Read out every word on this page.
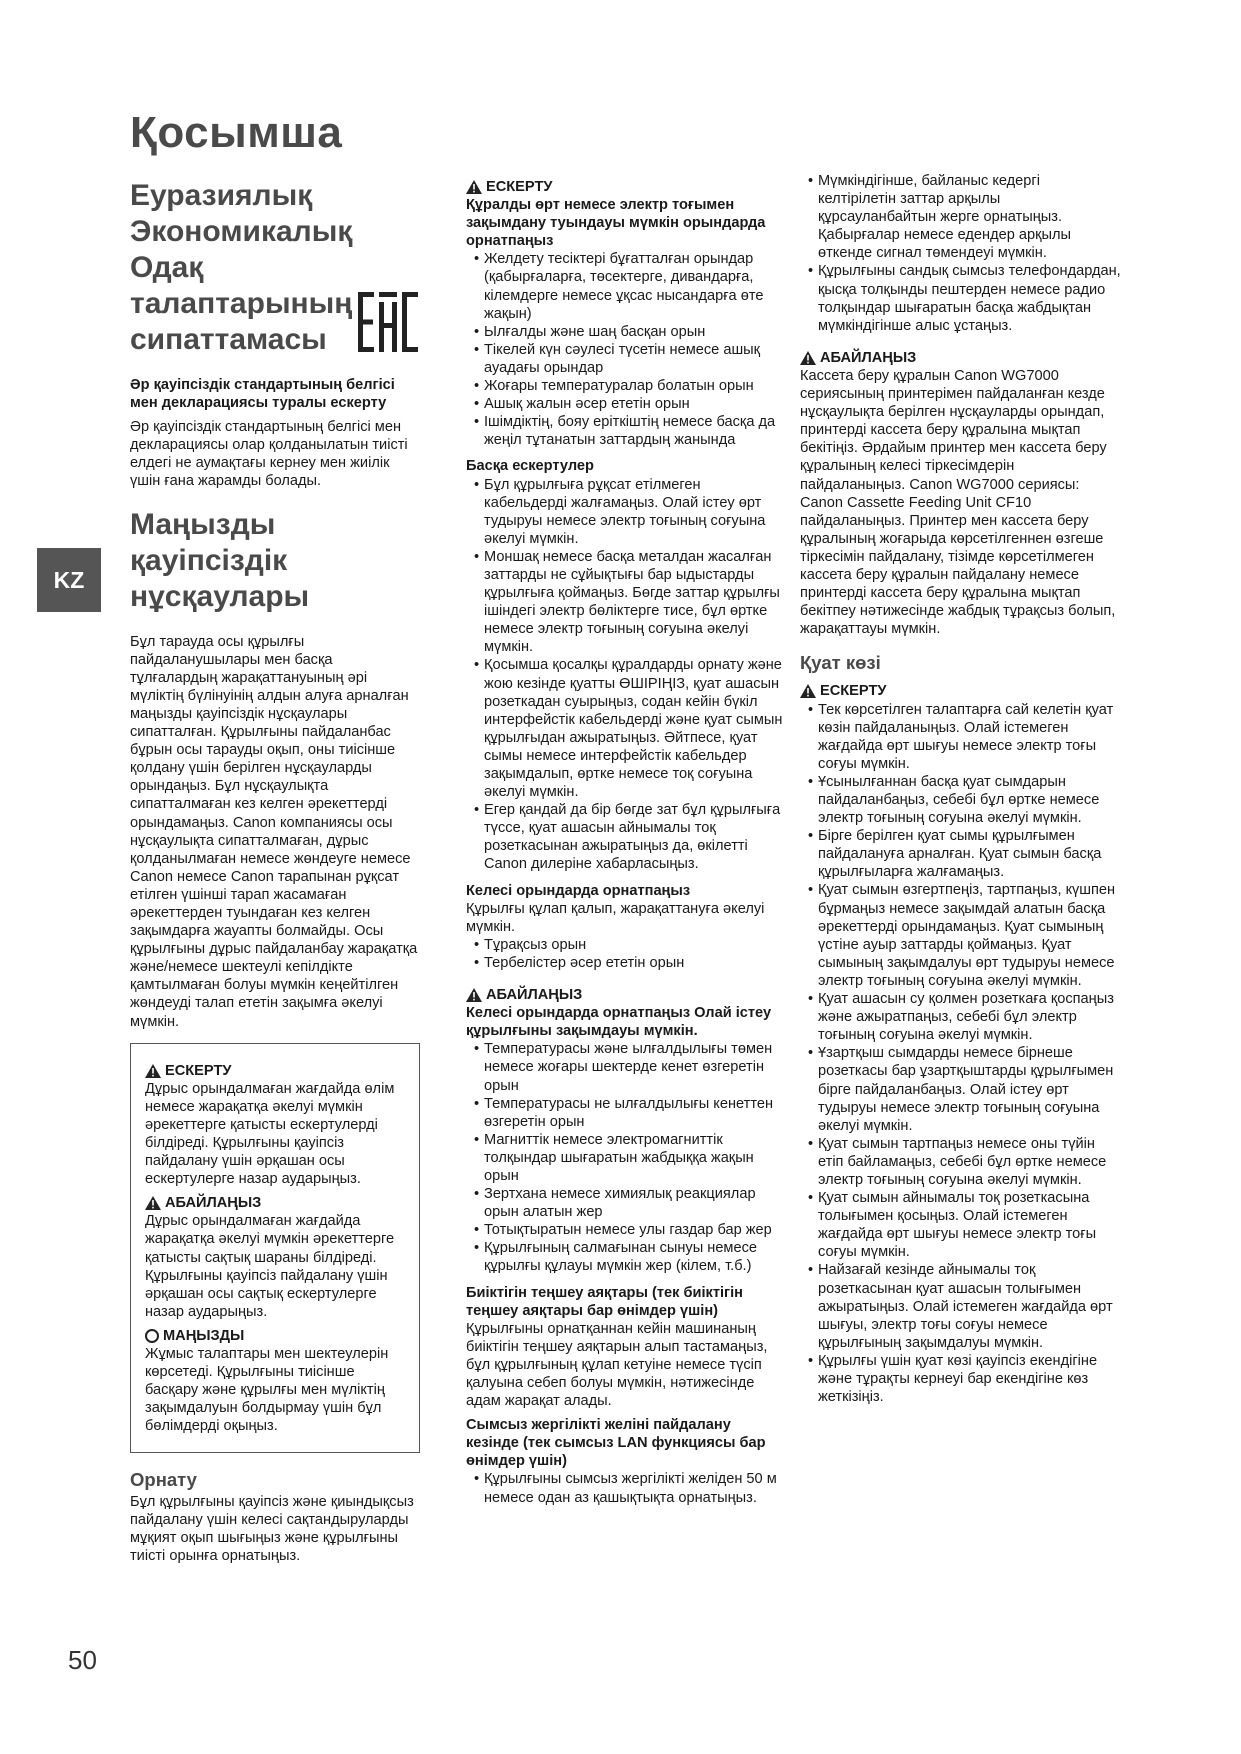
Қосымша
KZ
Еуразиялық
Экономикалық
Одақ
талаптарының
сипаттамасы

Әр қауіпсіздік стандартының белгісі мен декларациясы туралы ескерту

Әр қауіпсіздік стандартының белгісі мен декларациясы олар қолданылатын тиісті елдегі не аумақтағы кернеу мен жиілік үшін ғана жарамды болады.

Маңызды
қауіпсіздік
нұсқаулары

Бұл тарауда осы құрылғы пайдаланушылары мен басқа тұлғалардың жарақаттануының әрі мүліктің бүлінуінің алдын алуға арналған маңызды қауіпсіздік нұсқаулары сипатталған. Құрылғыны пайдаланбас бұрын осы тарауды оқып, оны тиісінше қолдану үшін берілген нұсқауларды орындаңыз. Бұл нұсқаулықта сипатталмаған кез келген әрекеттерді орындамаңыз. Canon компаниясы осы нұсқаулықта сипатталмаған, дұрыс қолданылмаған немесе жөндеуге немесе Canon немесе Canon тарапынан рұқсат етілген үшінші тарап жасамаған әрекеттерден туындаған кез келген зақымдарға жауапты болмайды. Осы құрылғыны дұрыс пайдаланбау жарақатқа және/немесе шектеулі кепілдікте қамтылмаған болуы мүмкін кеңейтілген жөндеуді талап ететін зақымға әкелуі мүмкін.

ЕСКЕРТУ

Дұрыс орындалмаған жағдайда өлім немесе жарақатқа әкелуі мүмкін әрекеттерге қатысты ескертулерді білдіреді. Құрылғыны қауіпсіз пайдалану үшін әрқашан осы ескертулерге назар аударыңыз.

АБАЙЛАҢЫЗ

Дұрыс орындалмаған жағдайда жарақатқа әкелуі мүмкін әрекеттерге қатысты сақтық шараны білдіреді. Құрылғыны қауіпсіз пайдалану үшін әрқашан осы сақтық ескертулерге назар аударыңыз.

МАҢЫЗДЫ

Жұмыс талаптары мен шектеулерін көрсетеді. Құрылғыны тиісінше басқару және құрылғы мен мүліктің зақымдалуын болдырмау үшін бұл бөлімдерді оқыңыз.

Орнату

Бұл құрылғыны қауіпсіз және қиындықсыз пайдалану үшін келесі сақтандыруларды мұқият оқып шығыңыз және құрылғыны тиісті орынға орнатыңыз.

ЕСКЕРТУ

Құралды өрт немесе электр тоғымен зақымдану туындауы мүмкін орындарда орнатпаңыз

• Желдету тесіктері бұғатталған орындар (қабырғаларға, төсектерге, дивандарға, кілемдерге немесе ұқсас нысандарға өте жақын)
• Ылғалды және шаң басқан орын
• Тікелей күн сәулесі түсетін немесе ашық ауадағы орындар
• Жоғары температуралар болатын орын
• Ашық жалын әсер ететін орын
• Ішімдіктің, бояу еріткіштің немесе басқа да жеңіл тұтанатын заттардың жанында

Басқа ескертулер

• Бұл құрылғыға рұқсат етілмеген кабельдерді жалғамаңыз. Олай істеу өрт тудыруы немесе электр тоғының соғуына әкелуі мүмкін.
• Моншақ немесе басқа металдан жасалған заттарды не сұйықтығы бар ыдыстарды құрылғыға қоймаңыз. Бөгде заттар құрылғы ішіндегі электр бөліктерге тисе, бұл өртке немесе электр тоғының соғуына әкелуі мүмкін.
• Қосымша қосалқы құралдарды орнату және жою кезінде қуатты ӨШІРІҢІЗ, қуат ашасын розеткадан суырыңыз, содан кейін бүкіл интерфейстік кабельдерді және қуат сымын құрылғыдан ажыратыңыз. Әйтпесе, қуат сымы немесе интерфейстік кабельдер зақымдалып, өртке немесе тоқ соғуына әкелуі мүмкін.
• Егер қандай да бір бөгде зат бұл құрылғыға түссе, қуат ашасын айнымалы тоқ розеткасынан ажыратыңыз да, өкілетті Canon дилеріне хабарласыңыз.

Келесі орындарда орнатпаңыз

Құрылғы құлап қалып, жарақаттануға әкелуі мүмкін.

• Тұрақсыз орын
• Тербелістер әсер ететін орын
АБАЙЛАҢЫЗ

Келесі орындарда орнатпаңыз Олай істеу құрылғыны зақымдауы мүмкін.

• Температурасы және ылғалдылығы төмен немесе жоғары шектерде кенет өзгеретін орын
• Температурасы не ылғалдылығы кенеттен өзгеретін орын
• Магниттік немесе электромагниттік толқындар шығаратын жабдыққа жақын орын
• Зертхана немесе химиялық реакциялар орын алатын жер
• Тотықтыратын немесе улы газдар бар жер
• Құрылғының салмағынан сынуы немесе құрылғы құлауы мүмкін жер (кілем, т.б.)

Биіктігін теңшеу аяқтары (тек биіктігін теңшеу аяқтары бар өнімдер үшін)

Құрылғыны орнатқаннан кейін машинаның биіктігін теңшеу аяқтарын алып тастамаңыз, бұл құрылғының құлап кетуіне немесе түсіп қалуына себеп болуы мүмкін, нәтижесінде адам жарақат алады.

Сымсыз жергілікті желіні пайдалану кезінде (тек сымсыз LAN функциясы бар өнімдер үшін)

• Құрылғыны сымсыз жергілікті желіден 50 м немесе одан аз қашықтықта орнатыңыз.
• Мүмкіндігінше, байланыс кедергі келтірілетін заттар арқылы құрсауланбайтын жерге орнатыңыз. Қабырғалар немесе едендер арқылы өткенде сигнал төмендеуі мүмкін.
• Құрылғыны сандық сымсыз телефондардан, қысқа толқынды пештерден немесе радио толқындар шығаратын басқа жабдықтан мүмкіндігінше алыс ұстаңыз.
АБАЙЛАҢЫЗ

Кассета беру құралын Canon WG7000 сериясының принтерімен пайдаланған кезде нұсқаулықта берілген нұсқауларды орындап, принтерді кассета беру құралына мықтап бекітіңіз. Әрдайым принтер мен кассета беру құралының келесі тіркесімдерін пайдаланыңыз. Canon WG7000 сериясы: Canon Cassette Feeding Unit CF10 пайдаланыңыз. Принтер мен кассета беру құралының жоғарыда көрсетілгеннен өзгеше тіркесімін пайдалану, тізімде көрсетілмеген кассета беру құралын пайдалану немесе принтерді кассета беру құралына мықтап бекітпеу нәтижесінде жабдық тұрақсыз болып, жарақаттауы мүмкін.

Қуат көзі
ЕСКЕРТУ
• Тек көрсетілген талаптарға сай келетін қуат көзін пайдаланыңыз. Олай істемеген жағдайда өрт шығуы немесе электр тоғы соғуы мүмкін.
• Ұсынылғаннан басқа қуат сымдарын пайдаланбаңыз, себебі бұл өртке немесе электр тоғының соғуына әкелуі мүмкін.
• Бірге берілген қуат сымы құрылғымен пайдалануға арналған. Қуат сымын басқа құрылғыларға жалғамаңыз.
• Қуат сымын өзгертпеңіз, тартпаңыз, күшпен бұрмаңыз немесе зақымдай алатын басқа әрекеттерді орындамаңыз. Қуат сымының үстіне ауыр заттарды қоймаңыз. Қуат сымының зақымдалуы өрт тудыруы немесе электр тоғының соғуына әкелуі мүмкін.
• Қуат ашасын су қолмен розеткаға қоспаңыз және ажыратпаңыз, себебі бұл электр тоғының соғуына әкелуі мүмкін.
• Ұзартқыш сымдарды немесе бірнеше розеткасы бар ұзартқыштарды құрылғымен бірге пайдаланбаңыз. Олай істеу өрт тудыруы немесе электр тоғының соғуына әкелуі мүмкін.
• Қуат сымын тартпаңыз немесе оны түйін етіп байламаңыз, себебі бұл өртке немесе электр тоғының соғуына әкелуі мүмкін.
• Қуат сымын айнымалы тоқ розеткасына толығымен қосыңыз. Олай істемеген жағдайда өрт шығуы немесе электр тоғы соғуы мүмкін.
• Найзағай кезінде айнымалы тоқ розеткасынан қуат ашасын толығымен ажыратыңыз. Олай істемеген жағдайда өрт шығуы, электр тоғы соғуы немесе құрылғының зақымдалуы мүмкін.
• Құрылғы үшін қуат көзі қауіпсіз екендігіне және тұрақты кернеуі бар екендігіне көз жеткізіңіз.
50
